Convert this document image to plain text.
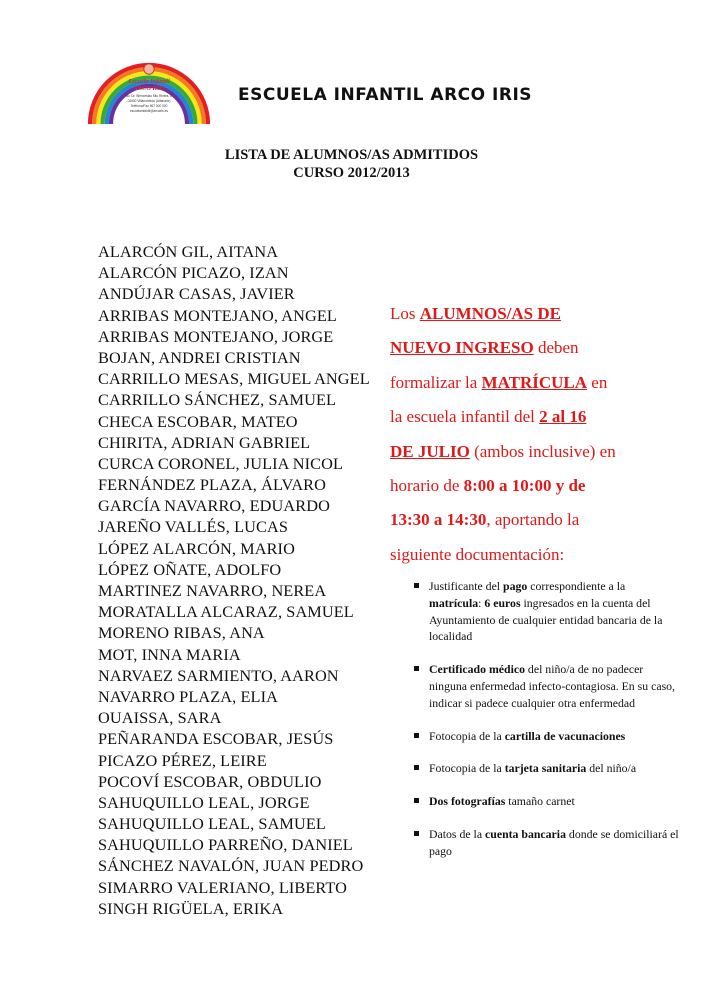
Escuela Infantil
ARCO IRIS
Av. Dr. Wenceslao Mto Rivera, 6
02600 Villarrobledo (Albacete)
Teléfono/Fax 967 000 000
escuelainfantil@arcoiris.es
ESCUELA INFANTIL ARCO IRIS
LISTA DE ALUMNOS/AS ADMITIDOS
CURSO 2012/2013
ALARCÓN GIL, AITANA
ALARCÓN PICAZO, IZAN
ANDÚJAR CASAS, JAVIER
ARRIBAS MONTEJANO, ANGEL
ARRIBAS MONTEJANO, JORGE
BOJAN, ANDREI CRISTIAN
CARRILLO MESAS, MIGUEL ANGEL
CARRILLO SÁNCHEZ, SAMUEL
CHECA ESCOBAR, MATEO
CHIRITA, ADRIAN GABRIEL
CURCA CORONEL, JULIA NICOL
FERNÁNDEZ PLAZA, ÁLVARO
GARCÍA NAVARRO, EDUARDO
JAREÑO VALLÉS, LUCAS
LÓPEZ ALARCÓN, MARIO
LÓPEZ OÑATE, ADOLFO
MARTINEZ NAVARRO, NEREA
MORATALLA ALCARAZ, SAMUEL
MORENO RIBAS, ANA
MOT, INNA MARIA
NARVAEZ SARMIENTO, AARON
NAVARRO PLAZA, ELIA
OUAISSA, SARA
PEÑARANDA ESCOBAR, JESÚS
PICAZO PÉREZ, LEIRE
POCOVÍ ESCOBAR, OBDULIO
SAHUQUILLO LEAL, JORGE
SAHUQUILLO LEAL, SAMUEL
SAHUQUILLO PARREÑO, DANIEL
SÁNCHEZ NAVALÓN, JUAN PEDRO
SIMARRO VALERIANO, LIBERTO
SINGH RIGÜELA, ERIKA
Los ALUMNOS/AS DE
NUEVO INGRESO deben
formalizar la MATRÍCULA en
la escuela infantil del 2 al 16
DE JULIO (ambos inclusive) en
horario de 8:00 a 10:00 y de
13:30 a 14:30, aportando la
siguiente documentación:
Justificante del pago correspondiente a la matrícula: 6 euros ingresados en la cuenta del Ayuntamiento de cualquier entidad bancaria de la localidad
Certificado médico del niño/a de no padecer ninguna enfermedad infecto-contagiosa. En su caso, indicar si padece cualquier otra enfermedad
Fotocopia de la cartilla de vacunaciones
Fotocopia de la tarjeta sanitaria del niño/a
Dos fotografías tamaño carnet
Datos de la cuenta bancaria donde se domiciliará el pago
